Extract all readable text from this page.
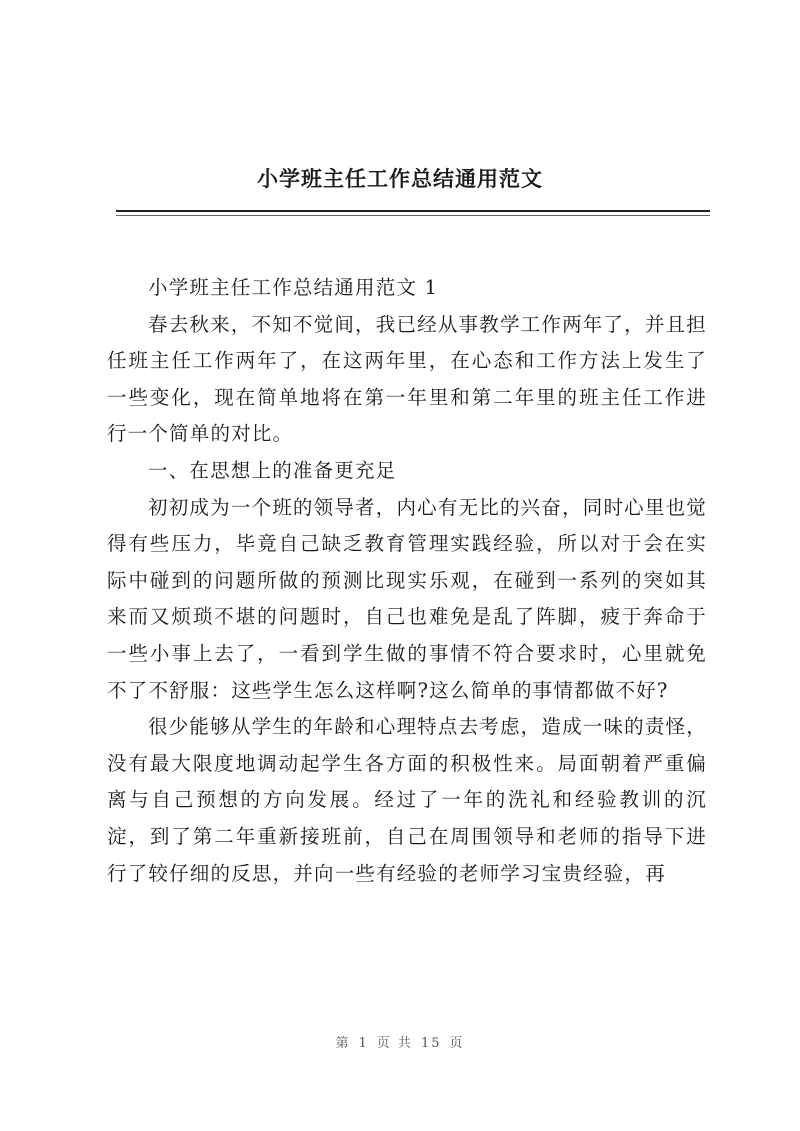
小学班主任工作总结通用范文

小学班主任工作总结通用范文 1

春去秋来，不知不觉间，我已经从事教学工作两年了，并且担任班主任工作两年了，在这两年里，在心态和工作方法上发生了一些变化，现在简单地将在第一年里和第二年里的班主任工作进行一个简单的对比。

一、在思想上的准备更充足

初初成为一个班的领导者，内心有无比的兴奋，同时心里也觉得有些压力，毕竟自己缺乏教育管理实践经验，所以对于会在实际中碰到的问题所做的预测比现实乐观，在碰到一系列的突如其来而又烦琐不堪的问题时，自己也难免是乱了阵脚，疲于奔命于一些小事上去了，一看到学生做的事情不符合要求时，心里就免不了不舒服：这些学生怎么这样啊?这么简单的事情都做不好?

很少能够从学生的年龄和心理特点去考虑，造成一味的责怪，没有最大限度地调动起学生各方面的积极性来。局面朝着严重偏离与自己预想的方向发展。经过了一年的洗礼和经验教训的沉淀，到了第二年重新接班前，自己在周围领导和老师的指导下进行了较仔细的反思，并向一些有经验的老师学习宝贵经验，再

第 1 页 共 15 页
